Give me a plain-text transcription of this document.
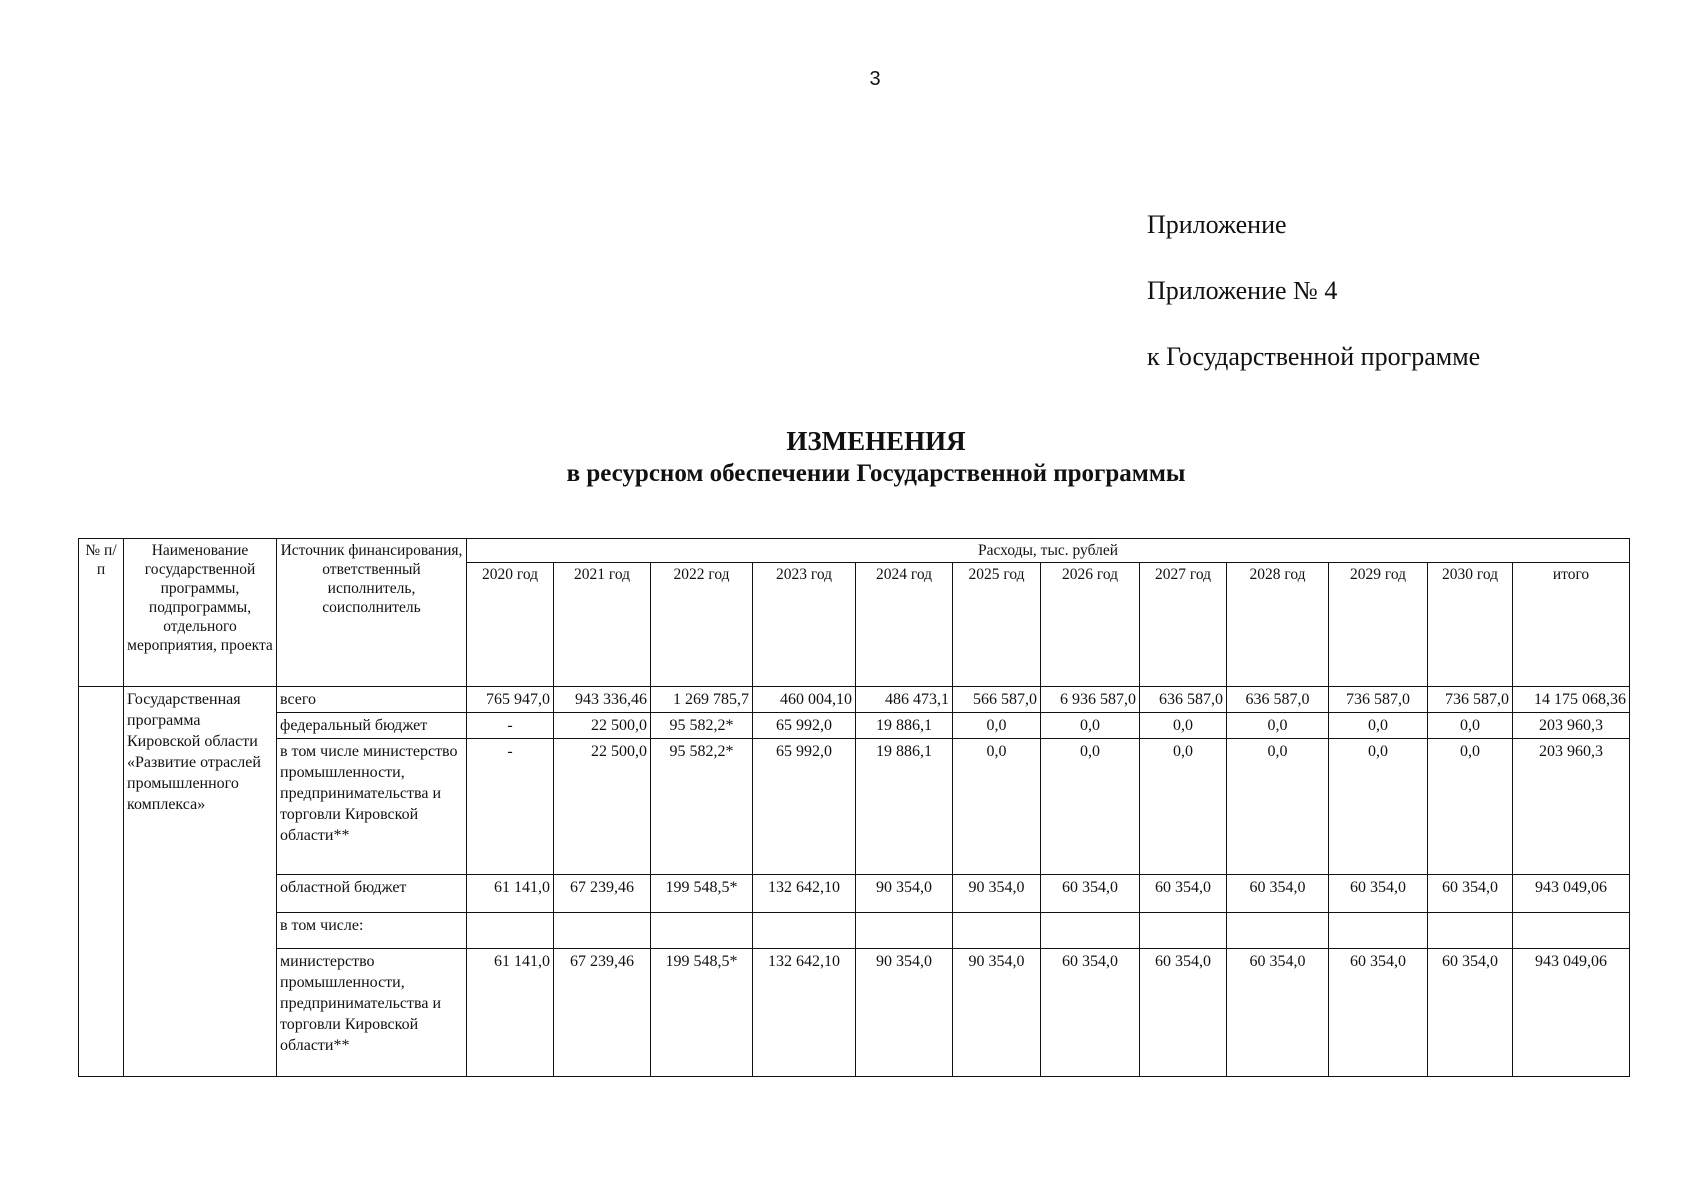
3
Приложение
Приложение № 4
к Государственной программе
ИЗМЕНЕНИЯ
в ресурсном обеспечении Государственной программы
№ п/п	Наименование государственной программы, подпрограммы, отдельного мероприятия, проекта	Источник финансирования, ответственный исполнитель, соисполнитель	Расходы, тыс. рублей											
			2020 год	2021 год	2022 год	2023 год	2024 год	2025 год	2026 год	2027 год	2028 год	2029 год	2030 год	итого
	Государственная программа Кировской области «Развитие отраслей промышленного комплекса»	всего	765 947,0	943 336,46	1 269 785,7	460 004,10	486 473,1	566 587,0	6 936 587,0	636 587,0	636 587,0	736 587,0	736 587,0	14 175 068,36
		федеральный бюджет	-	22 500,0	95 582,2*	65 992,0	19 886,1	0,0	0,0	0,0	0,0	0,0	0,0	203 960,3
		в том числе министерство промышленности, предпринимательства и торговли Кировской области**	-	22 500,0	95 582,2*	65 992,0	19 886,1	0,0	0,0	0,0	0,0	0,0	0,0	203 960,3
		областной бюджет	61 141,0	67 239,46	199 548,5*	132 642,10	90 354,0	90 354,0	60 354,0	60 354,0	60 354,0	60 354,0	60 354,0	943 049,06
		в том числе:												
		министерство промышленности, предпринимательства и торговли Кировской области**	61 141,0	67 239,46	199 548,5*	132 642,10	90 354,0	90 354,0	60 354,0	60 354,0	60 354,0	60 354,0	60 354,0	943 049,06
